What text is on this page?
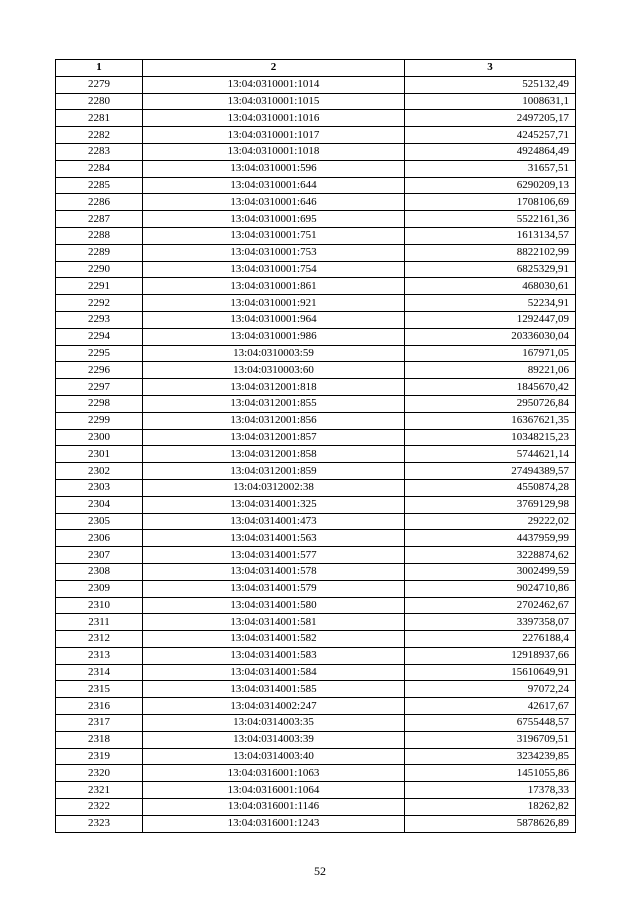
1	2	3
2279	13:04:0310001:1014	525132,49
2280	13:04:0310001:1015	1008631,1
2281	13:04:0310001:1016	2497205,17
2282	13:04:0310001:1017	4245257,71
2283	13:04:0310001:1018	4924864,49
2284	13:04:0310001:596	31657,51
2285	13:04:0310001:644	6290209,13
2286	13:04:0310001:646	1708106,69
2287	13:04:0310001:695	5522161,36
2288	13:04:0310001:751	1613134,57
2289	13:04:0310001:753	8822102,99
2290	13:04:0310001:754	6825329,91
2291	13:04:0310001:861	468030,61
2292	13:04:0310001:921	52234,91
2293	13:04:0310001:964	1292447,09
2294	13:04:0310001:986	20336030,04
2295	13:04:0310003:59	167971,05
2296	13:04:0310003:60	89221,06
2297	13:04:0312001:818	1845670,42
2298	13:04:0312001:855	2950726,84
2299	13:04:0312001:856	16367621,35
2300	13:04:0312001:857	10348215,23
2301	13:04:0312001:858	5744621,14
2302	13:04:0312001:859	27494389,57
2303	13:04:0312002:38	4550874,28
2304	13:04:0314001:325	3769129,98
2305	13:04:0314001:473	29222,02
2306	13:04:0314001:563	4437959,99
2307	13:04:0314001:577	3228874,62
2308	13:04:0314001:578	3002499,59
2309	13:04:0314001:579	9024710,86
2310	13:04:0314001:580	2702462,67
2311	13:04:0314001:581	3397358,07
2312	13:04:0314001:582	2276188,4
2313	13:04:0314001:583	12918937,66
2314	13:04:0314001:584	15610649,91
2315	13:04:0314001:585	97072,24
2316	13:04:0314002:247	42617,67
2317	13:04:0314003:35	6755448,57
2318	13:04:0314003:39	3196709,51
2319	13:04:0314003:40	3234239,85
2320	13:04:0316001:1063	1451055,86
2321	13:04:0316001:1064	17378,33
2322	13:04:0316001:1146	18262,82
2323	13:04:0316001:1243	5878626,89
52
